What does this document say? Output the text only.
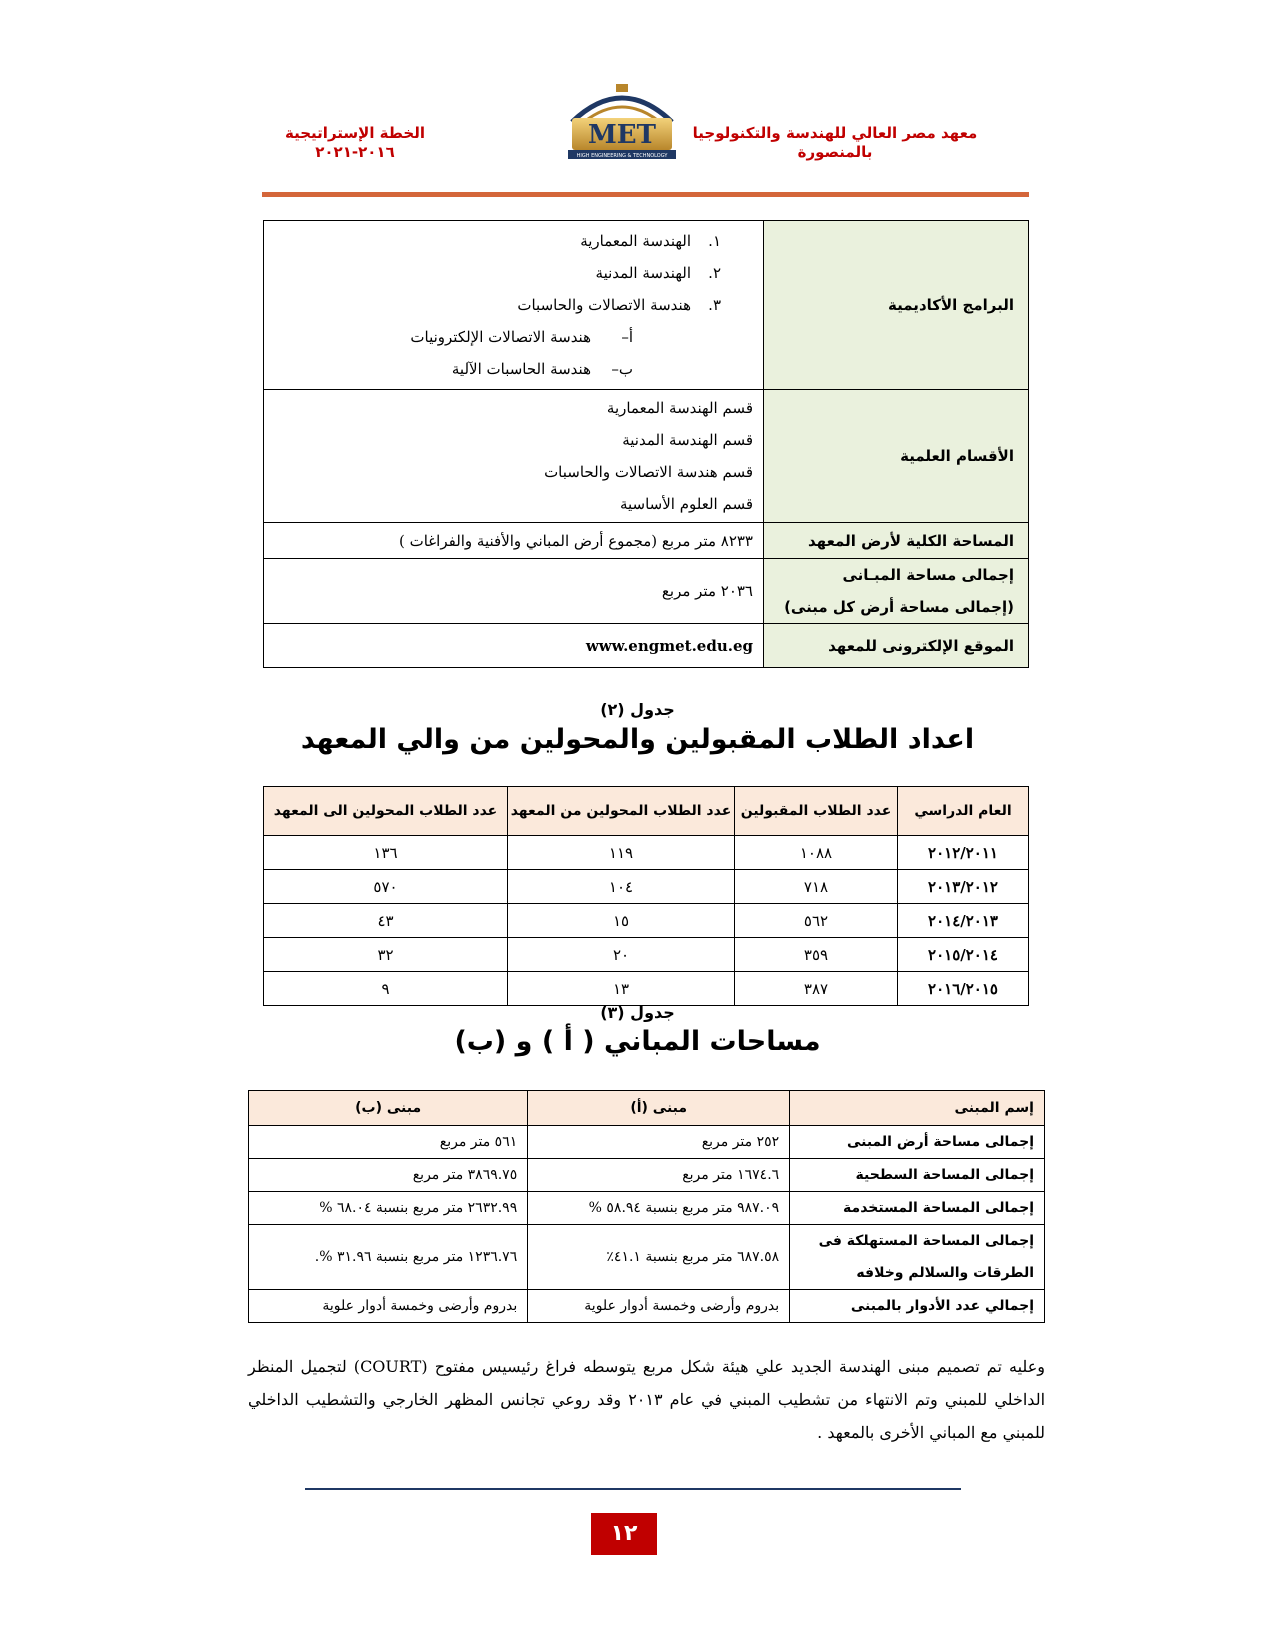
معهد مصر العالي للهندسة والتكنولوجيا
بالمنصورة
الخطة الإستراتيجية
٢٠١٦-٢٠٢١
MET
HIGH ENGINEERING & TECHNOLOGY
البرامج الأكاديمية	١.الهندسة المعمارية
٢.الهندسة المدنية
٣.هندسة الاتصالات والحاسبات
أ–هندسة الاتصالات الإلكترونيات
ب–هندسة الحاسبات الآلية

الأقسام العلمية	قسم الهندسة المعمارية
قسم الهندسة المدنية
قسم هندسة الاتصالات والحاسبات
قسم العلوم الأساسية

المساحة الكلية لأرض المعهد	٨٢٣٣ متر مربع (مجموع أرض المباني والأفنية والفراغات )

إجمالى مساحة المبـانى
(إجمالى مساحة أرض كل مبنى)	٢٠٣٦ متر مربع
الموقع الإلكترونى للمعهد	www.engmet.edu.eg
جدول (٢)
اعداد الطلاب المقبولين والمحولين من والي المعهد
العام الدراسي	عدد الطلاب المقبولين	عدد الطلاب المحولين من المعهد	عدد الطلاب المحولين الى المعهد
٢٠١٢/٢٠١١	١٠٨٨	١١٩	١٣٦
٢٠١٣/٢٠١٢	٧١٨	١٠٤	٥٧٠
٢٠١٤/٢٠١٣	٥٦٢	١٥	٤٣
٢٠١٥/٢٠١٤	٣٥٩	٢٠	٣٢
٢٠١٦/٢٠١٥	٣٨٧	١٣	٩
جدول (٣)
مساحات المباني ( أ ) و (ب)
إسم المبنى	مبنى (أ)	مبنى (ب)
إجمالى مساحة أرض المبنى	٢٥٢ متر مربع	٥٦١ متر مربع
إجمالى المساحة السطحية	١٦٧٤.٦ متر مربع	٣٨٦٩.٧٥ متر مربع
إجمالى المساحة المستخدمة	٩٨٧.٠٩ متر مربع بنسبة ٥٨.٩٤ %	٢٦٣٢.٩٩ متر مربع بنسبة ٦٨.٠٤ %
إجمالى المساحة المستهلكة فى الطرقات والسلالم وخلافه	٦٨٧.٥٨ متر مربع بنسبة ٤١.١٪	١٢٣٦.٧٦ متر مربع بنسبة ٣١.٩٦ %.
إجمالي عدد الأدوار بالمبنى	بدروم وأرضى وخمسة أدوار علوية	بدروم وأرضى وخمسة أدوار علوية
وعليه تم تصميم مبنى الهندسة الجديد علي هيئة شكل مربع يتوسطه فراغ رئيسيس مفتوح (COURT) لتجميل المنظر الداخلي للمبني وتم الانتهاء من تشطيب المبني في عام ٢٠١٣ وقد روعي تجانس المظهر الخارجي والتشطيب الداخلي للمبني مع المباني الأخرى بالمعهد .
١٢
